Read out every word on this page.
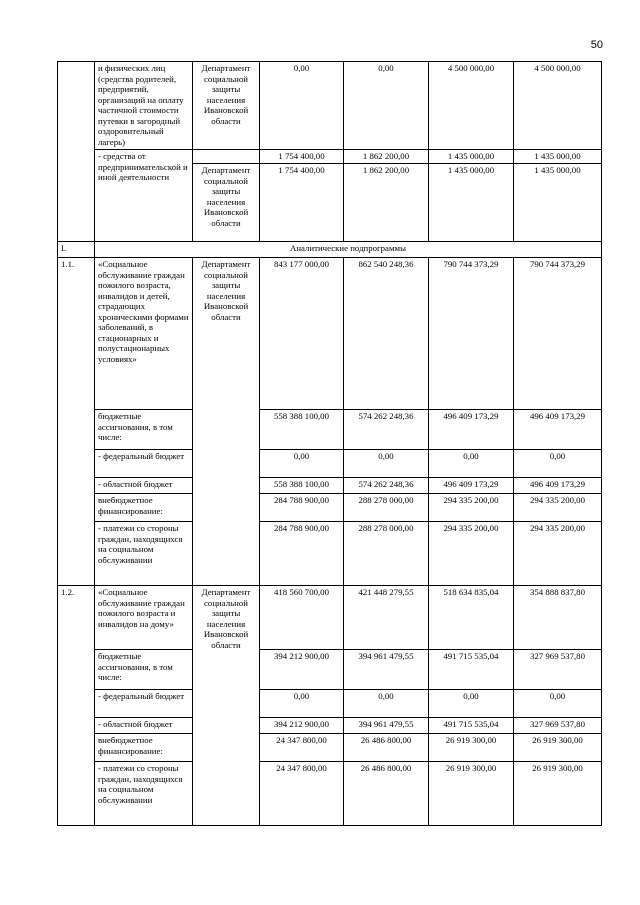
50
	и физических лиц (средства родителей, предприятий, организаций на оплату частичной стоимости путевки в загородный оздоровительный лагерь)	Департамент социальной защиты населения Ивановской области	0,00	0,00	4 500 000,00	4 500 000,00
	- средства от предпринимательской и иной деятельности		1 754 400,00	1 862 200,00	1 435 000,00	1 435 000,00
		Департамент социальной защиты населения Ивановской области	1 754 400,00	1 862 200,00	1 435 000,00	1 435 000,00
I.	Аналитические подпрограммы					
1.1.	«Социальное обслуживание граждан пожилого возраста, инвалидов и детей, страдающих хроническими формами заболеваний, в стационарных и полустационарных условиях»	Департамент социальной защиты населения Ивановской области	843 177 000,00	862 540 248,36	790 744 373,29	790 744 373,29
	бюджетные ассигнования, в том числе:		558 388 100,00	574 262 248,36	496 409 173,29	496 409 173,29
	- федеральный бюджет		0,00	0,00	0,00	0,00
	- областной бюджет		558 388 100,00	574 262 248,36	496 409 173,29	496 409 173,29
	внебюджетное финансирование:		284 788 900,00	288 278 000,00	294 335 200,00	294 335 200,00
	- платежи со стороны граждан, находящихся на социальном обслуживании		284 788 900,00	288 278 000,00	294 335 200,00	294 335 200,00
1.2.	«Социальное обслуживание граждан пожилого возраста и инвалидов на дому»	Департамент социальной защиты населения Ивановской области	418 560 700,00	421 448 279,55	518 634 835,04	354 888 837,80
	бюджетные ассигнования, в том числе:		394 212 900,00	394 961 479,55	491 715 535,04	327 969 537,80
	- федеральный бюджет		0,00	0,00	0,00	0,00
	- областной бюджет		394 212 900,00	394 961 479,55	491 715 535,04	327 969 537,80
	внебюджетное финансирование:		24 347 800,00	26 486 800,00	26 919 300,00	26 919 300,00
	- платежи со стороны граждан, находящихся на социальном обслуживании		24 347 800,00	26 486 800,00	26 919 300,00	26 919 300,00
